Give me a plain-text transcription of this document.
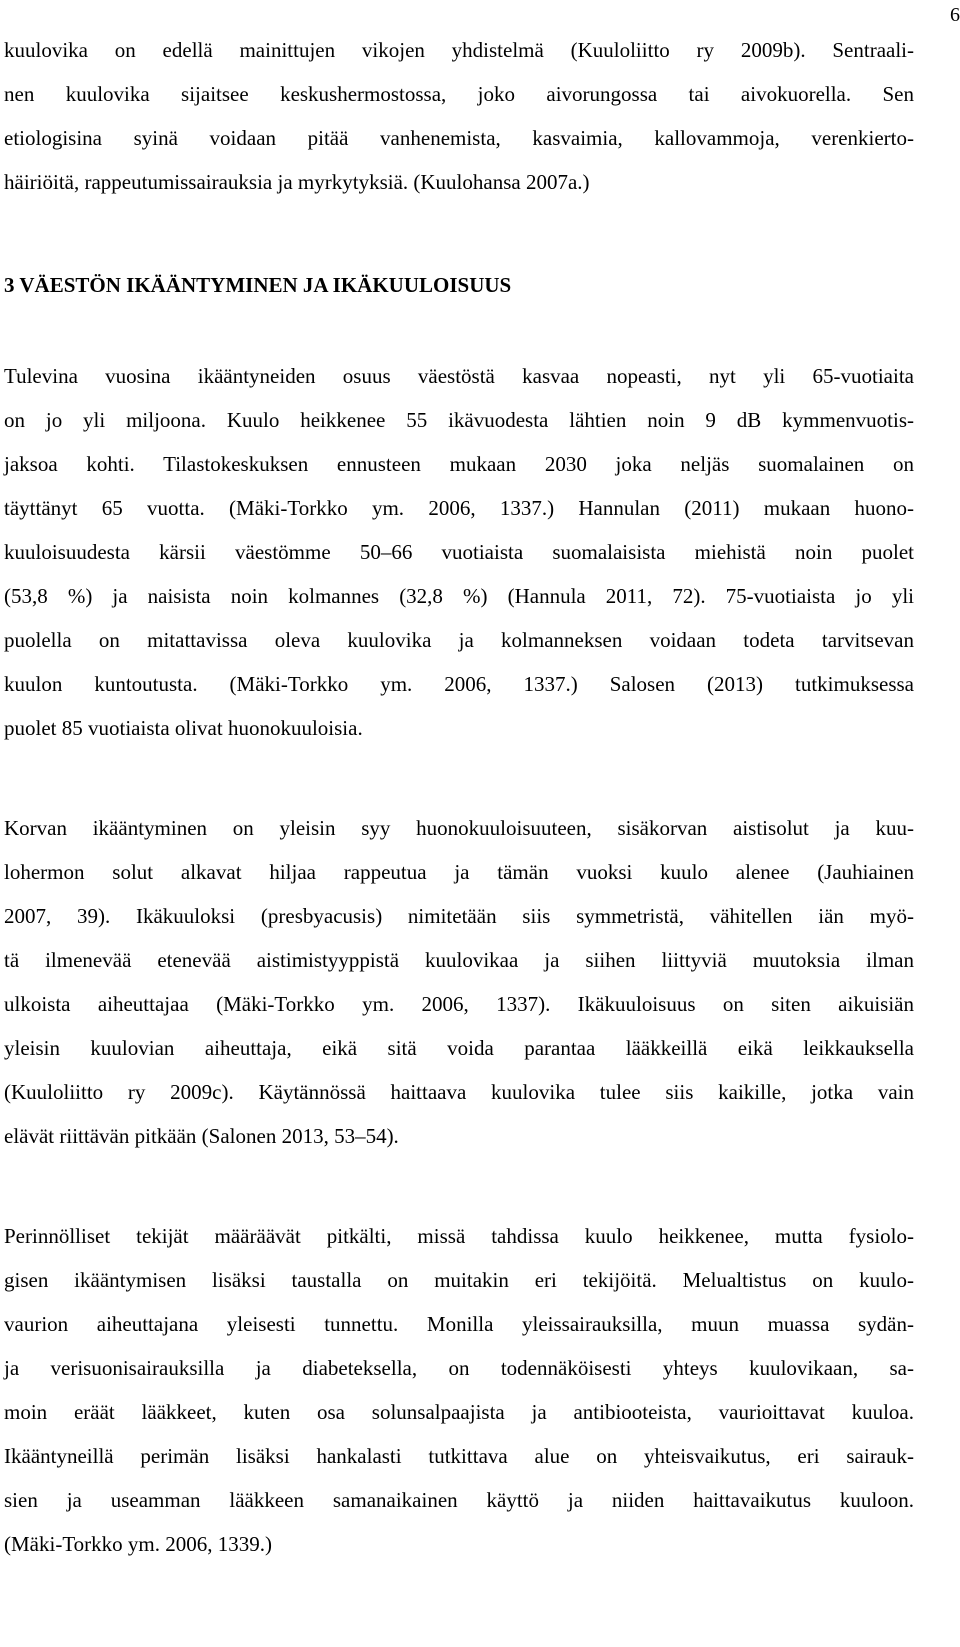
6
kuulovika on edellä mainittujen vikojen yhdistelmä (Kuuloliitto ry 2009b). Sentraali-
nen kuulovika sijaitsee keskushermostossa, joko aivorungossa tai aivokuorella. Sen
etiologisina syinä voidaan pitää vanhenemista, kasvaimia, kallovammoja, verenkierto-
häiriöitä, rappeutumissairauksia ja myrkytyksiä. (Kuulohansa 2007a.)
3 VÄESTÖN IKÄÄNTYMINEN JA IKÄKUULOISUUS
Tulevina vuosina ikääntyneiden osuus väestöstä kasvaa nopeasti, nyt yli 65-vuotiaita
on jo yli miljoona. Kuulo heikkenee 55 ikävuodesta lähtien noin 9 dB kymmenvuotis-
jaksoa kohti. Tilastokeskuksen ennusteen mukaan 2030 joka neljäs suomalainen on
täyttänyt 65 vuotta. (Mäki-Torkko ym. 2006, 1337.) Hannulan (2011) mukaan huono-
kuuloisuudesta kärsii väestömme 50–66 vuotiaista suomalaisista miehistä noin puolet
(53,8 %) ja naisista noin kolmannes (32,8 %) (Hannula 2011, 72). 75-vuotiaista jo yli
puolella on mitattavissa oleva kuulovika ja kolmanneksen voidaan todeta tarvitsevan
kuulon kuntoutusta. (Mäki-Torkko ym. 2006, 1337.) Salosen (2013) tutkimuksessa
puolet 85 vuotiaista olivat huonokuuloisia.
Korvan ikääntyminen on yleisin syy huonokuuloisuuteen, sisäkorvan aistisolut ja kuu-
lohermon solut alkavat hiljaa rappeutua ja tämän vuoksi kuulo alenee (Jauhiainen
2007, 39). Ikäkuuloksi (presbyacusis) nimitetään siis symmetristä, vähitellen iän myö-
tä ilmenevää etenevää aistimistyyppistä kuulovikaa ja siihen liittyviä muutoksia ilman
ulkoista aiheuttajaa (Mäki-Torkko ym. 2006, 1337). Ikäkuuloisuus on siten aikuisiän
yleisin kuulovian aiheuttaja, eikä sitä voida parantaa lääkkeillä eikä leikkauksella
(Kuuloliitto ry 2009c). Käytännössä haittaava kuulovika tulee siis kaikille, jotka vain
elävät riittävän pitkään (Salonen 2013, 53–54).
Perinnölliset tekijät määräävät pitkälti, missä tahdissa kuulo heikkenee, mutta fysiolo-
gisen ikääntymisen lisäksi taustalla on muitakin eri tekijöitä. Melualtistus on kuulo-
vaurion aiheuttajana yleisesti tunnettu. Monilla yleissairauksilla, muun muassa sydän-
ja verisuonisairauksilla ja diabeteksella, on todennäköisesti yhteys kuulovikaan, sa-
moin eräät lääkkeet, kuten osa solunsalpaajista ja antibiooteista, vaurioittavat kuuloa.
Ikääntyneillä perimän lisäksi hankalasti tutkittava alue on yhteisvaikutus, eri sairauk-
sien ja useamman lääkkeen samanaikainen käyttö ja niiden haittavaikutus kuuloon.
(Mäki-Torkko ym. 2006, 1339.)
